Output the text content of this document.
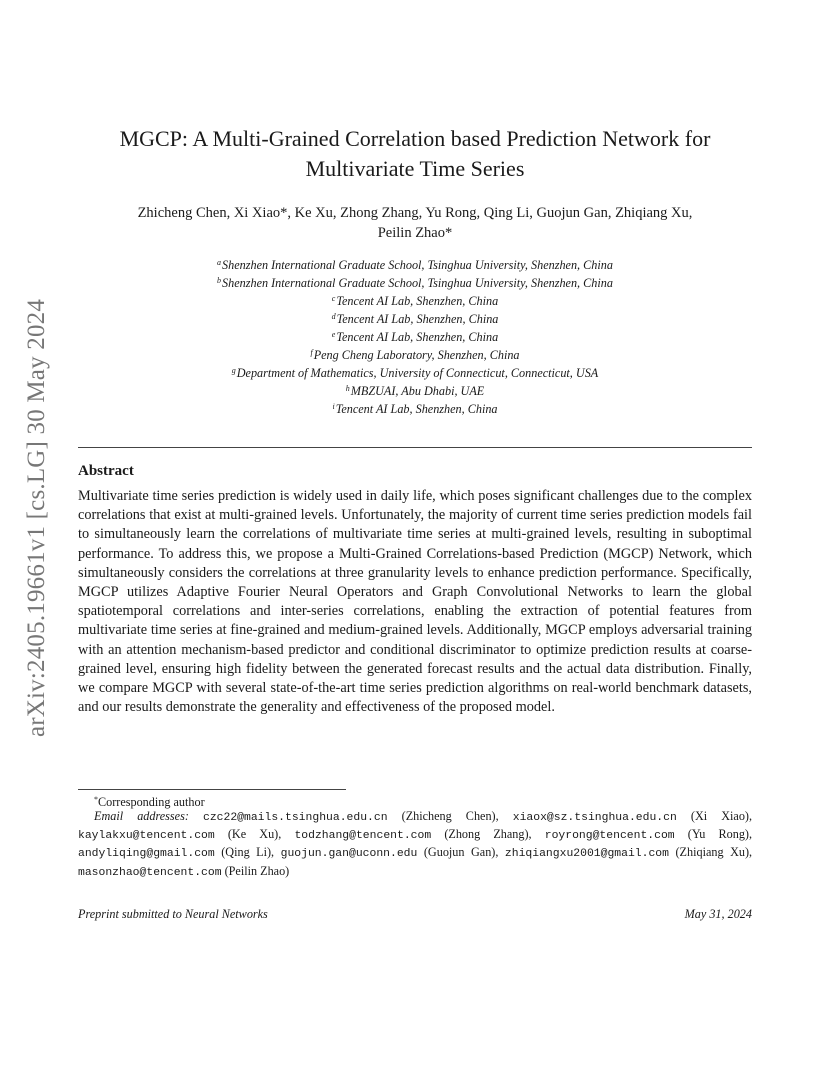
arXiv:2405.19661v1 [cs.LG] 30 May 2024
MGCP: A Multi-Grained Correlation based Prediction Network for
Multivariate Time Series
Zhicheng Chen, Xi Xiao*, Ke Xu, Zhong Zhang, Yu Rong, Qing Li, Guojun Gan, Zhiqiang Xu,
Peilin Zhao*
$^a$Shenzhen International Graduate School, Tsinghua University, Shenzhen, China
$^b$Shenzhen International Graduate School, Tsinghua University, Shenzhen, China
$^c$Tencent AI Lab, Shenzhen, China
$^d$Tencent AI Lab, Shenzhen, China
$^e$Tencent AI Lab, Shenzhen, China
$^f$Peng Cheng Laboratory, Shenzhen, China
$^g$Department of Mathematics, University of Connecticut, Connecticut, USA
$^h$MBZUAI, Abu Dhabi, UAE
$^i$Tencent AI Lab, Shenzhen, China
Abstract
Multivariate time series prediction is widely used in daily life, which poses significant challenges due to the complex correlations that exist at multi-grained levels. Unfortunately, the majority of current time series prediction models fail to simultaneously learn the correlations of multivariate time series at multi-grained levels, resulting in suboptimal performance. To address this, we propose a Multi-Grained Correlations-based Prediction (MGCP) Network, which simultaneously considers the correlations at three granularity levels to enhance prediction performance. Specifically, MGCP utilizes Adaptive Fourier Neural Operators and Graph Convolutional Networks to learn the global spatiotemporal correlations and inter-series correlations, enabling the extraction of potential features from multivariate time series at fine-grained and medium-grained levels. Additionally, MGCP employs adversarial training with an attention mechanism-based predictor and conditional discriminator to optimize prediction results at coarse-grained level, ensuring high fidelity between the generated forecast results and the actual data distribution. Finally, we compare MGCP with several state-of-the-art time series prediction algorithms on real-world benchmark datasets, and our results demonstrate the generality and effectiveness of the proposed model.
*Corresponding author
Email addresses: czc22@mails.tsinghua.edu.cn (Zhicheng Chen), xiaox@sz.tsinghua.edu.cn (Xi Xiao), kaylakxu@tencent.com (Ke Xu), todzhang@tencent.com (Zhong Zhang), royrong@tencent.com (Yu Rong), andyliqing@gmail.com (Qing Li), guojun.gan@uconn.edu (Guojun Gan), zhiqiangxu2001@gmail.com (Zhiqiang Xu), masonzhao@tencent.com (Peilin Zhao)
Preprint submitted to Neural Networks	May 31, 2024
